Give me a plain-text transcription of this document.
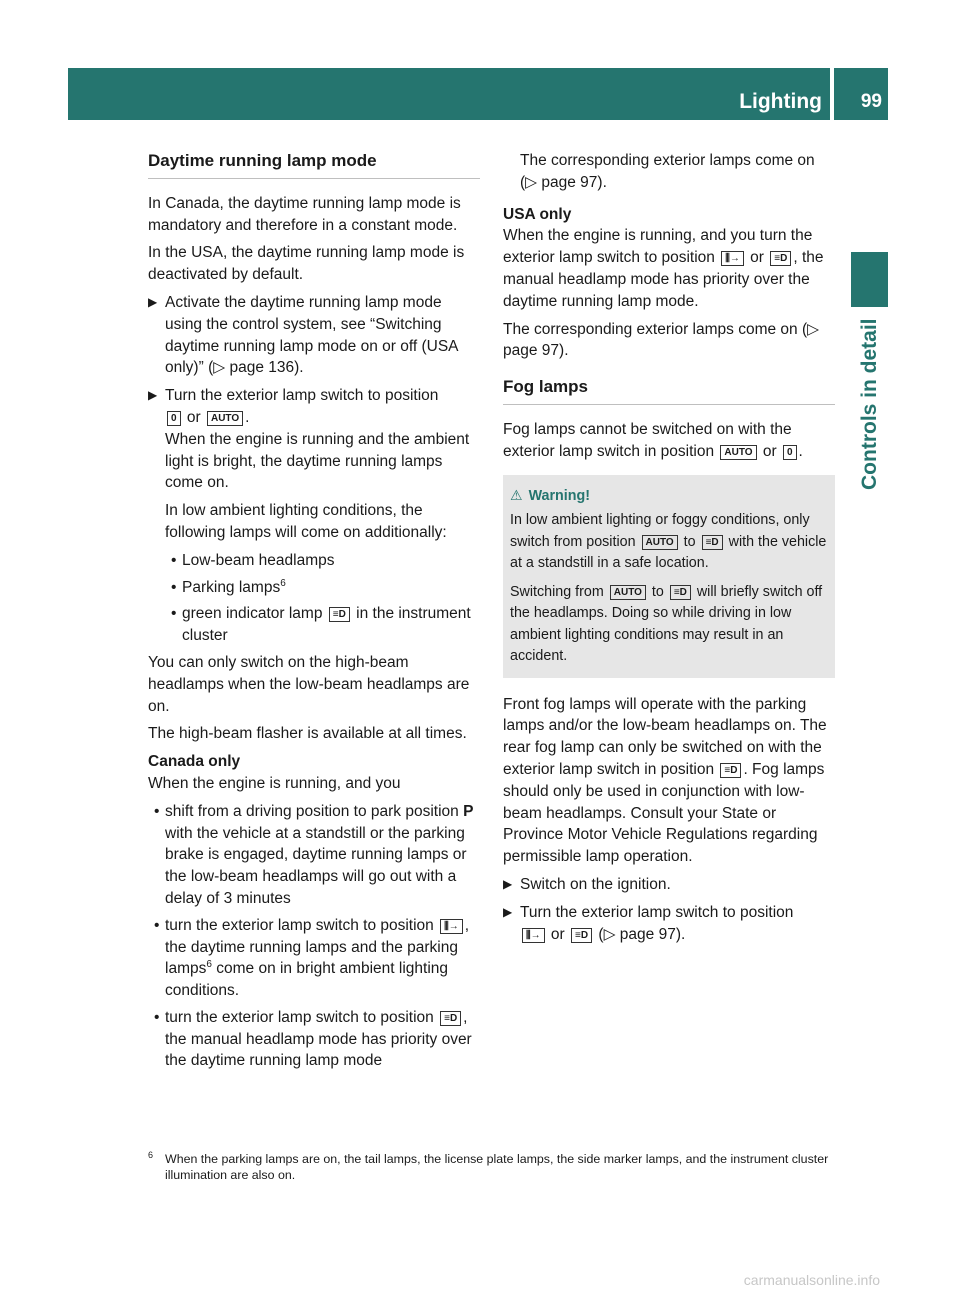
Lighting	99
Controls in detail
Daytime running lamp mode

In Canada, the daytime running lamp mode is mandatory and therefore in a constant mode.

In the USA, the daytime running lamp mode is deactivated by default.

▶ Activate the daytime running lamp mode using the control system, see “Switching daytime running lamp mode on or off (USA only)” (▷ page 136).
▶ Turn the exterior lamp switch to position
0 or AUTO .
When the engine is running and the ambient light is bright, the daytime running lamps come on.
In low ambient lighting conditions, the following lamps will come on additionally:
• Low-beam headlamps
• Parking lamps$^6$
• green indicator lamp ≡D in the instrument cluster

You can only switch on the high-beam headlamps when the low-beam headlamps are on.

The high-beam flasher is available at all times.

Canada only

When the engine is running, and you

• shift from a driving position to park position P with the vehicle at a standstill or the parking brake is engaged, daytime running lamps or the low-beam headlamps will go out with a delay of 3 minutes
• turn the exterior lamp switch to position ⫼→ , the daytime running lamps and the parking lamps$^6$ come on in bright ambient lighting conditions.
• turn the exterior lamp switch to position ≡D , the manual headlamp mode has priority over the daytime running lamp mode

The corresponding exterior lamps come on (▷ page 97).

USA only

When the engine is running, and you turn the exterior lamp switch to position ⫼→ or ≡D , the manual headlamp mode has priority over the daytime running lamp mode.

The corresponding exterior lamps come on (▷ page 97).

Fog lamps

Fog lamps cannot be switched on with the exterior lamp switch in position AUTO or 0 .

⚠ Warning!

In low ambient lighting or foggy conditions, only switch from position AUTO to ≡D with the vehicle at a standstill in a safe location.

Switching from AUTO to ≡D will briefly switch off the headlamps. Doing so while driving in low ambient lighting conditions may result in an accident.

Front fog lamps will operate with the parking lamps and/or the low-beam headlamps on. The rear fog lamp can only be switched on with the exterior lamp switch in position ≡D . Fog lamps should only be used in conjunction with low-beam headlamps. Consult your State or Province Motor Vehicle Regulations regarding permissible lamp operation.

▶ Switch on the ignition.
▶ Turn the exterior lamp switch to position
⫼→ or ≡D (▷ page 97).
6 When the parking lamps are on, the tail lamps, the license plate lamps, the side marker lamps, and the instrument cluster illumination are also on.
carmanualsonline.info
